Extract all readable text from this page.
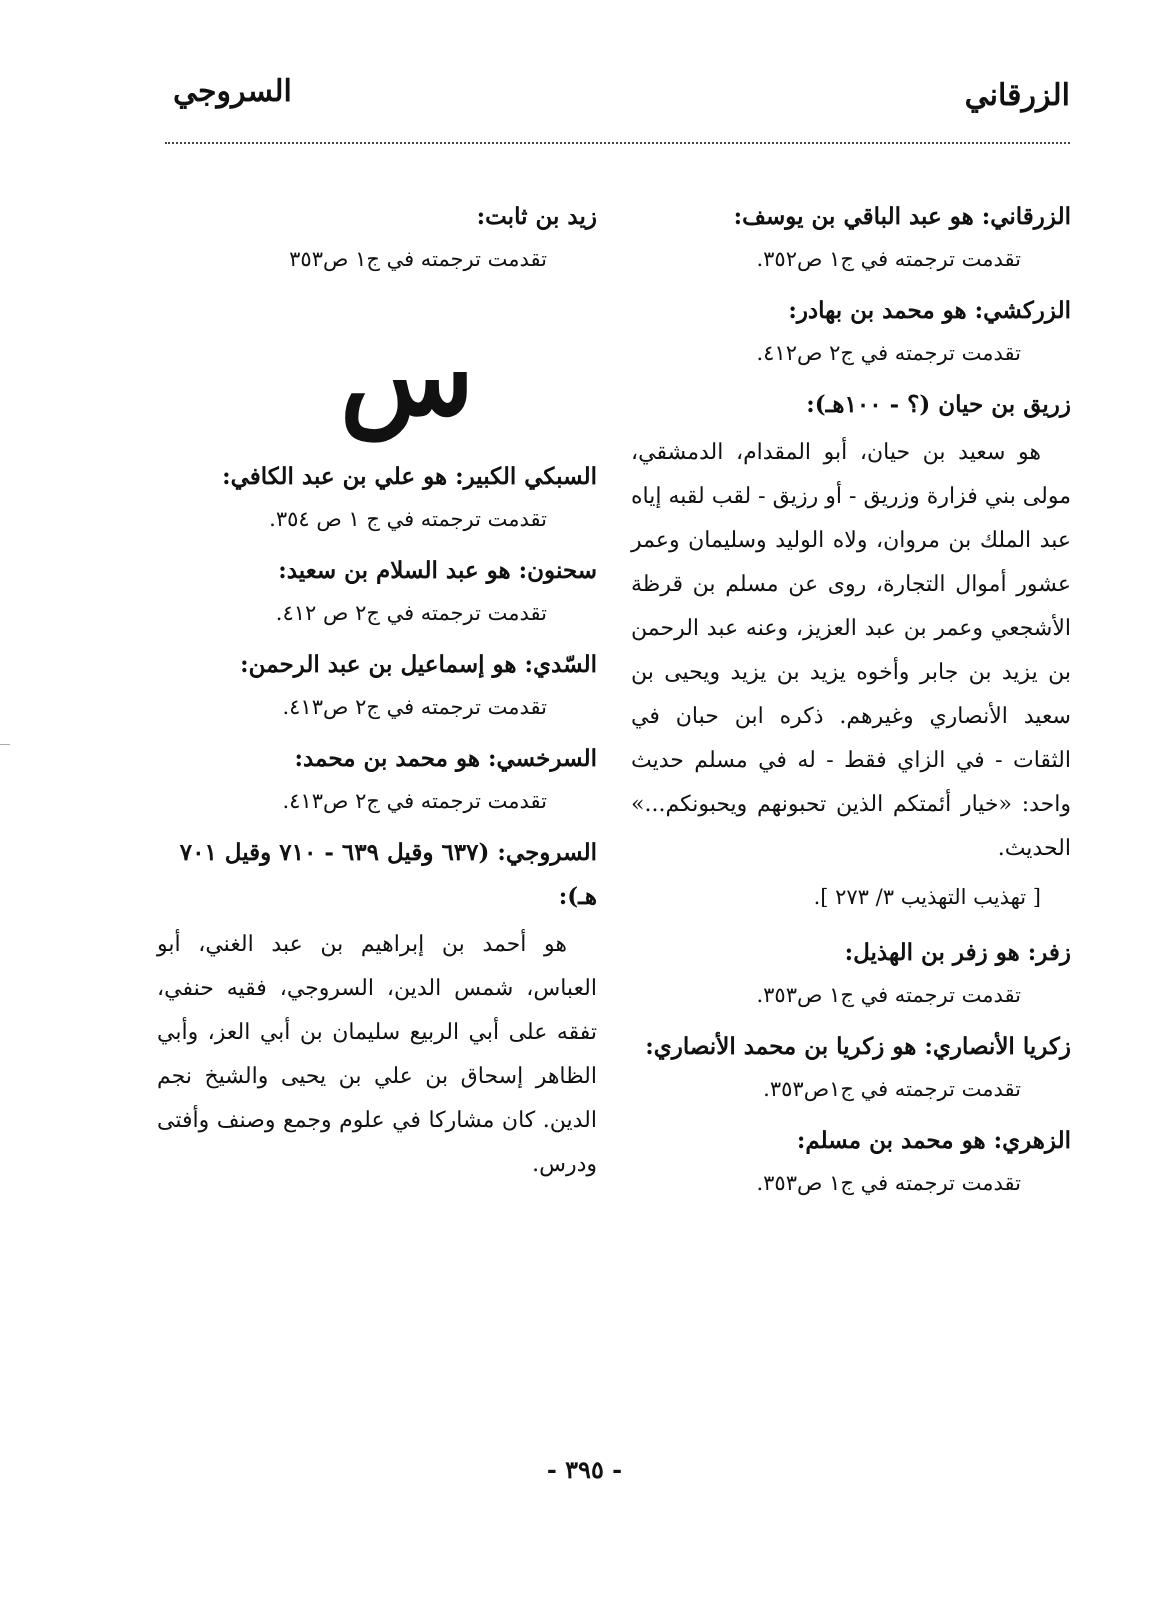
الزرقاني
السروجي
الزرقاني: هو عبد الباقي بن يوسف:
تقدمت ترجمته في ج١ ص٣٥٢.
الزركشي: هو محمد بن بهادر:
تقدمت ترجمته في ج٢ ص٤١٢.
زريق بن حيان (؟ - ١٠٠هـ):
هو سعيد بن حيان، أبو المقدام، الدمشقي، مولى بني فزارة وزريق - أو رزيق - لقب لقبه إياه عبد الملك بن مروان، ولاه الوليد وسليمان وعمر عشور أموال التجارة، روى عن مسلم بن قرظة الأشجعي وعمر بن عبد العزيز، وعنه عبد الرحمن بن يزيد بن جابر وأخوه يزيد بن يزيد ويحيى بن سعيد الأنصاري وغيرهم. ذكره ابن حبان في الثقات - في الزاي فقط - له في مسلم حديث واحد: «خيار أئمتكم الذين تحبونهم ويحبونكم...» الحديث.
[ تهذيب التهذيب ٣/ ٢٧٣ ].
زفر: هو زفر بن الهذيل:
تقدمت ترجمته في ج١ ص٣٥٣.
زكريا الأنصاري: هو زكريا بن محمد الأنصاري:
تقدمت ترجمته في ج١ص٣٥٣.
الزهري: هو محمد بن مسلم:
تقدمت ترجمته في ج١ ص٣٥٣.
زيد بن ثابت:
تقدمت ترجمته في ج١ ص٣٥٣
س
السبكي الكبير: هو علي بن عبد الكافي:
تقدمت ترجمته في ج ١ ص ٣٥٤.
سحنون: هو عبد السلام بن سعيد:
تقدمت ترجمته في ج٢ ص ٤١٢.
السّدي: هو إسماعيل بن عبد الرحمن:
تقدمت ترجمته في ج٢ ص٤١٣.
السرخسي: هو محمد بن محمد:
تقدمت ترجمته في ج٢ ص٤١٣.
السروجي: (٦٣٧ وقيل ٦٣٩ - ٧١٠ وقيل ٧٠١ هـ):
هو أحمد بن إبراهيم بن عبد الغني، أبو العباس، شمس الدين، السروجي، فقيه حنفي، تفقه على أبي الربيع سليمان بن أبي العز، وأبي الظاهر إسحاق بن علي بن يحيى والشيخ نجم الدين. كان مشاركا في علوم وجمع وصنف وأفتى ودرس.
- ٣٩٥ -
